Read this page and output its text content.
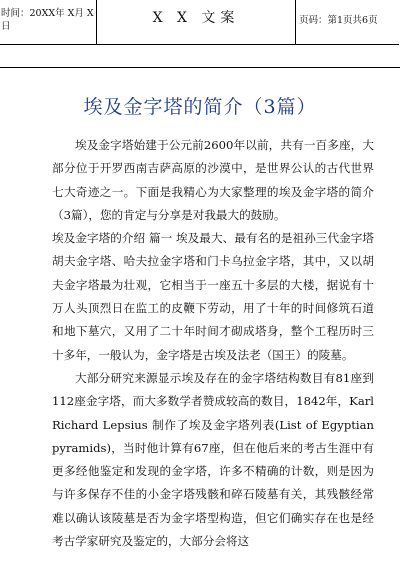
时间：20XX年 X月 X日
X X 文案	页码：第1页共6页
埃及金字塔的简介（3篇）

埃及金字塔始建于公元前2600年以前，共有一百多座，大部分位于开罗西南吉萨高原的沙漠中，是世界公认的古代世界七大奇迹之一。下面是我精心为大家整理的埃及金字塔的简介（3篇），您的肯定与分享是对我最大的鼓励。

埃及金字塔的介绍 篇一 埃及最大、最有名的是祖孙三代金字塔胡夫金字塔、哈夫拉金字塔和门卡乌拉金字塔，其中，又以胡夫金字塔最为壮观，它相当于一座五十多层的大楼，据说有十万人头顶烈日在监工的皮鞭下劳动，用了十年的时间修筑石道和地下墓穴，又用了二十年时间才砌成塔身，整个工程历时三十多年，一般认为，金字塔是古埃及法老（国王）的陵墓。

大部分研究来源显示埃及存在的金字塔结构数目有81座到112座金字塔，而大多数学者赞成较高的数目，1842年，Karl Richard Lepsius 制作了埃及金字塔列表(List of Egyptian pyramids)，当时他计算有67座，但在他后来的考古生涯中有更多经他鉴定和发现的金字塔，许多不精确的计数，则是因为与许多保存不佳的小金字塔残骸和碎石陵墓有关，其残骸经常难以确认该陵墓是否为金字塔型构造，但它们确实存在也是经考古学家研究及鉴定的，大部分会将这
